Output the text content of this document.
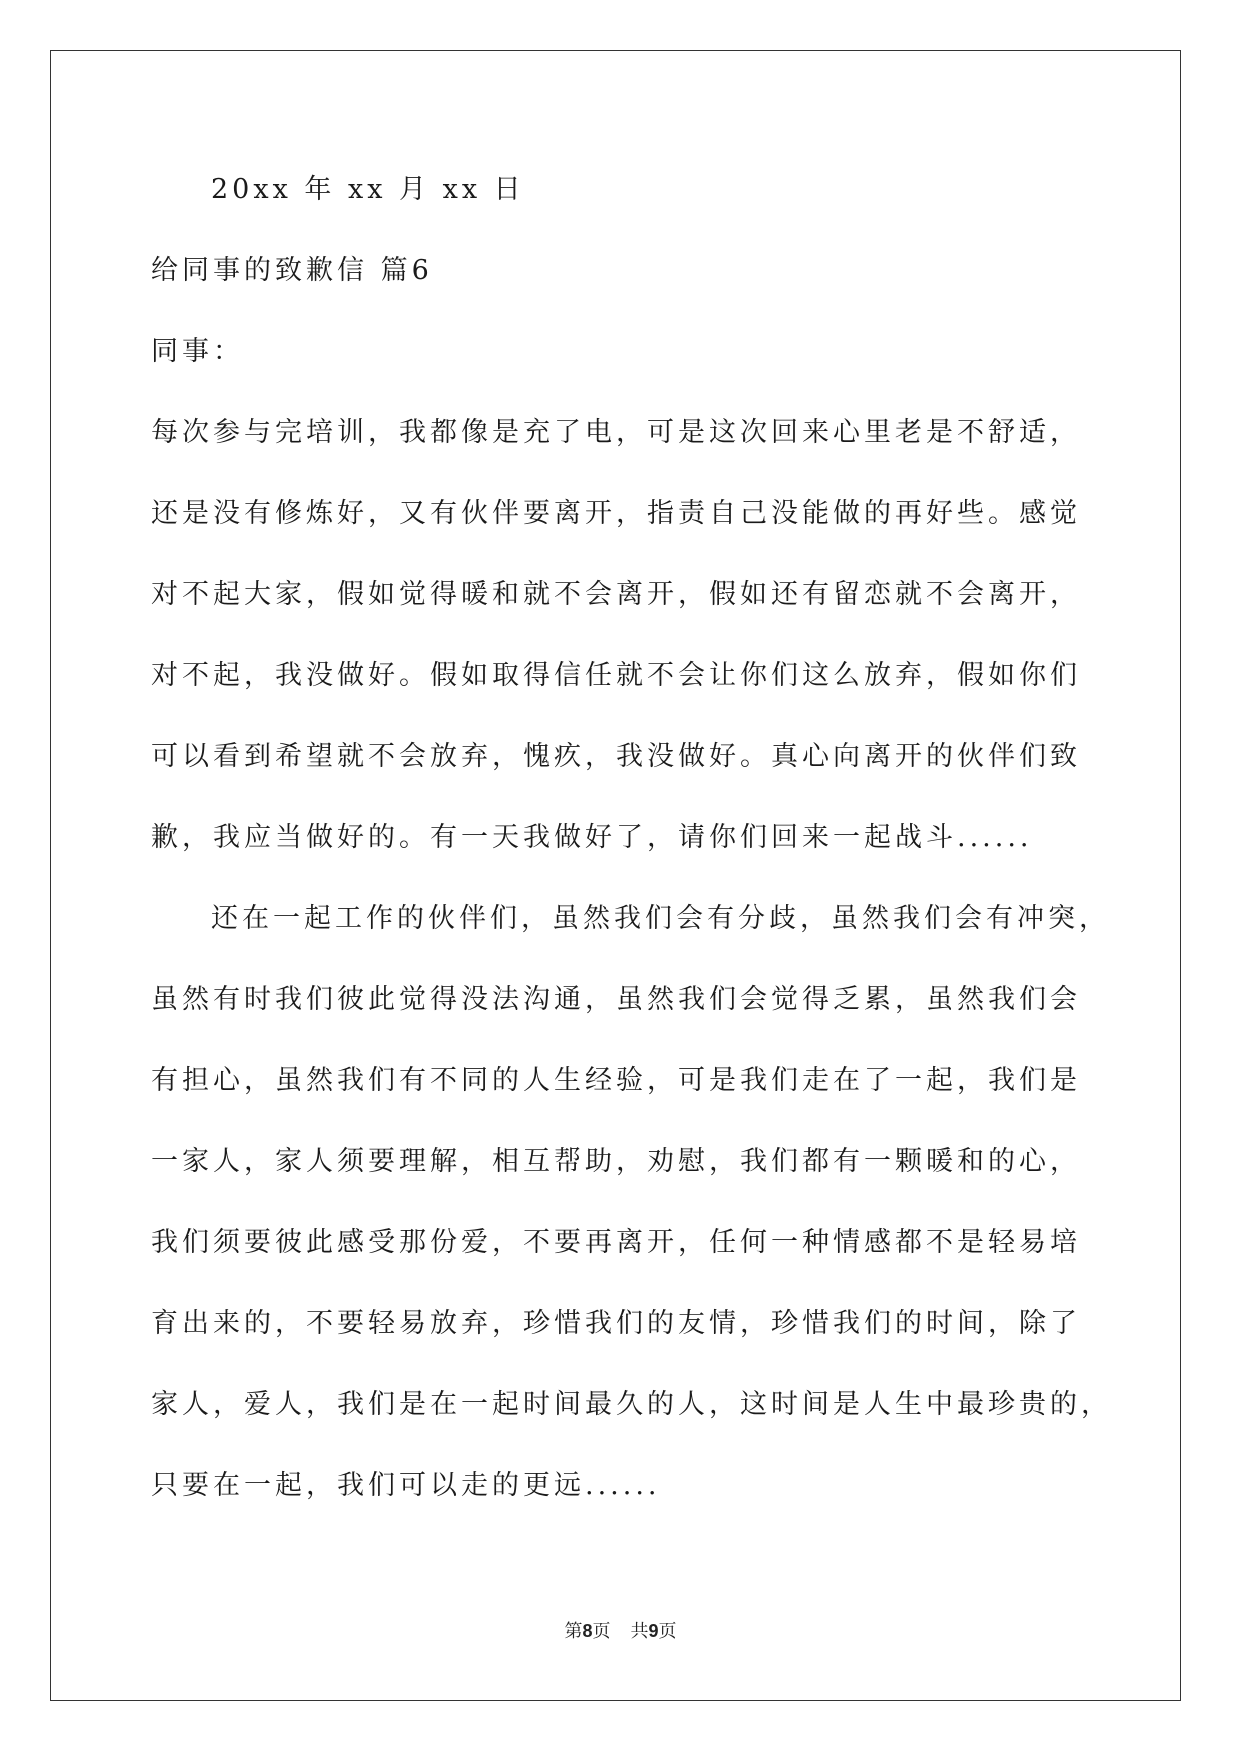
20xx 年 xx 月 xx 日
给同事的致歉信 篇6
同事：
每次参与完培训，我都像是充了电，可是这次回来心里老是不舒适，
还是没有修炼好，又有伙伴要离开，指责自己没能做的再好些。感觉
对不起大家，假如觉得暖和就不会离开，假如还有留恋就不会离开，
对不起，我没做好。假如取得信任就不会让你们这么放弃，假如你们
可以看到希望就不会放弃，愧疚，我没做好。真心向离开的伙伴们致
歉，我应当做好的。有一天我做好了，请你们回来一起战斗......
还在一起工作的伙伴们，虽然我们会有分歧，虽然我们会有冲突，
虽然有时我们彼此觉得没法沟通，虽然我们会觉得乏累，虽然我们会
有担心，虽然我们有不同的人生经验，可是我们走在了一起，我们是
一家人，家人须要理解，相互帮助，劝慰，我们都有一颗暖和的心，
我们须要彼此感受那份爱，不要再离开，任何一种情感都不是轻易培
育出来的，不要轻易放弃，珍惜我们的友情，珍惜我们的时间，除了
家人，爱人，我们是在一起时间最久的人，这时间是人生中最珍贵的，
只要在一起，我们可以走的更远......
第8页 共9页
